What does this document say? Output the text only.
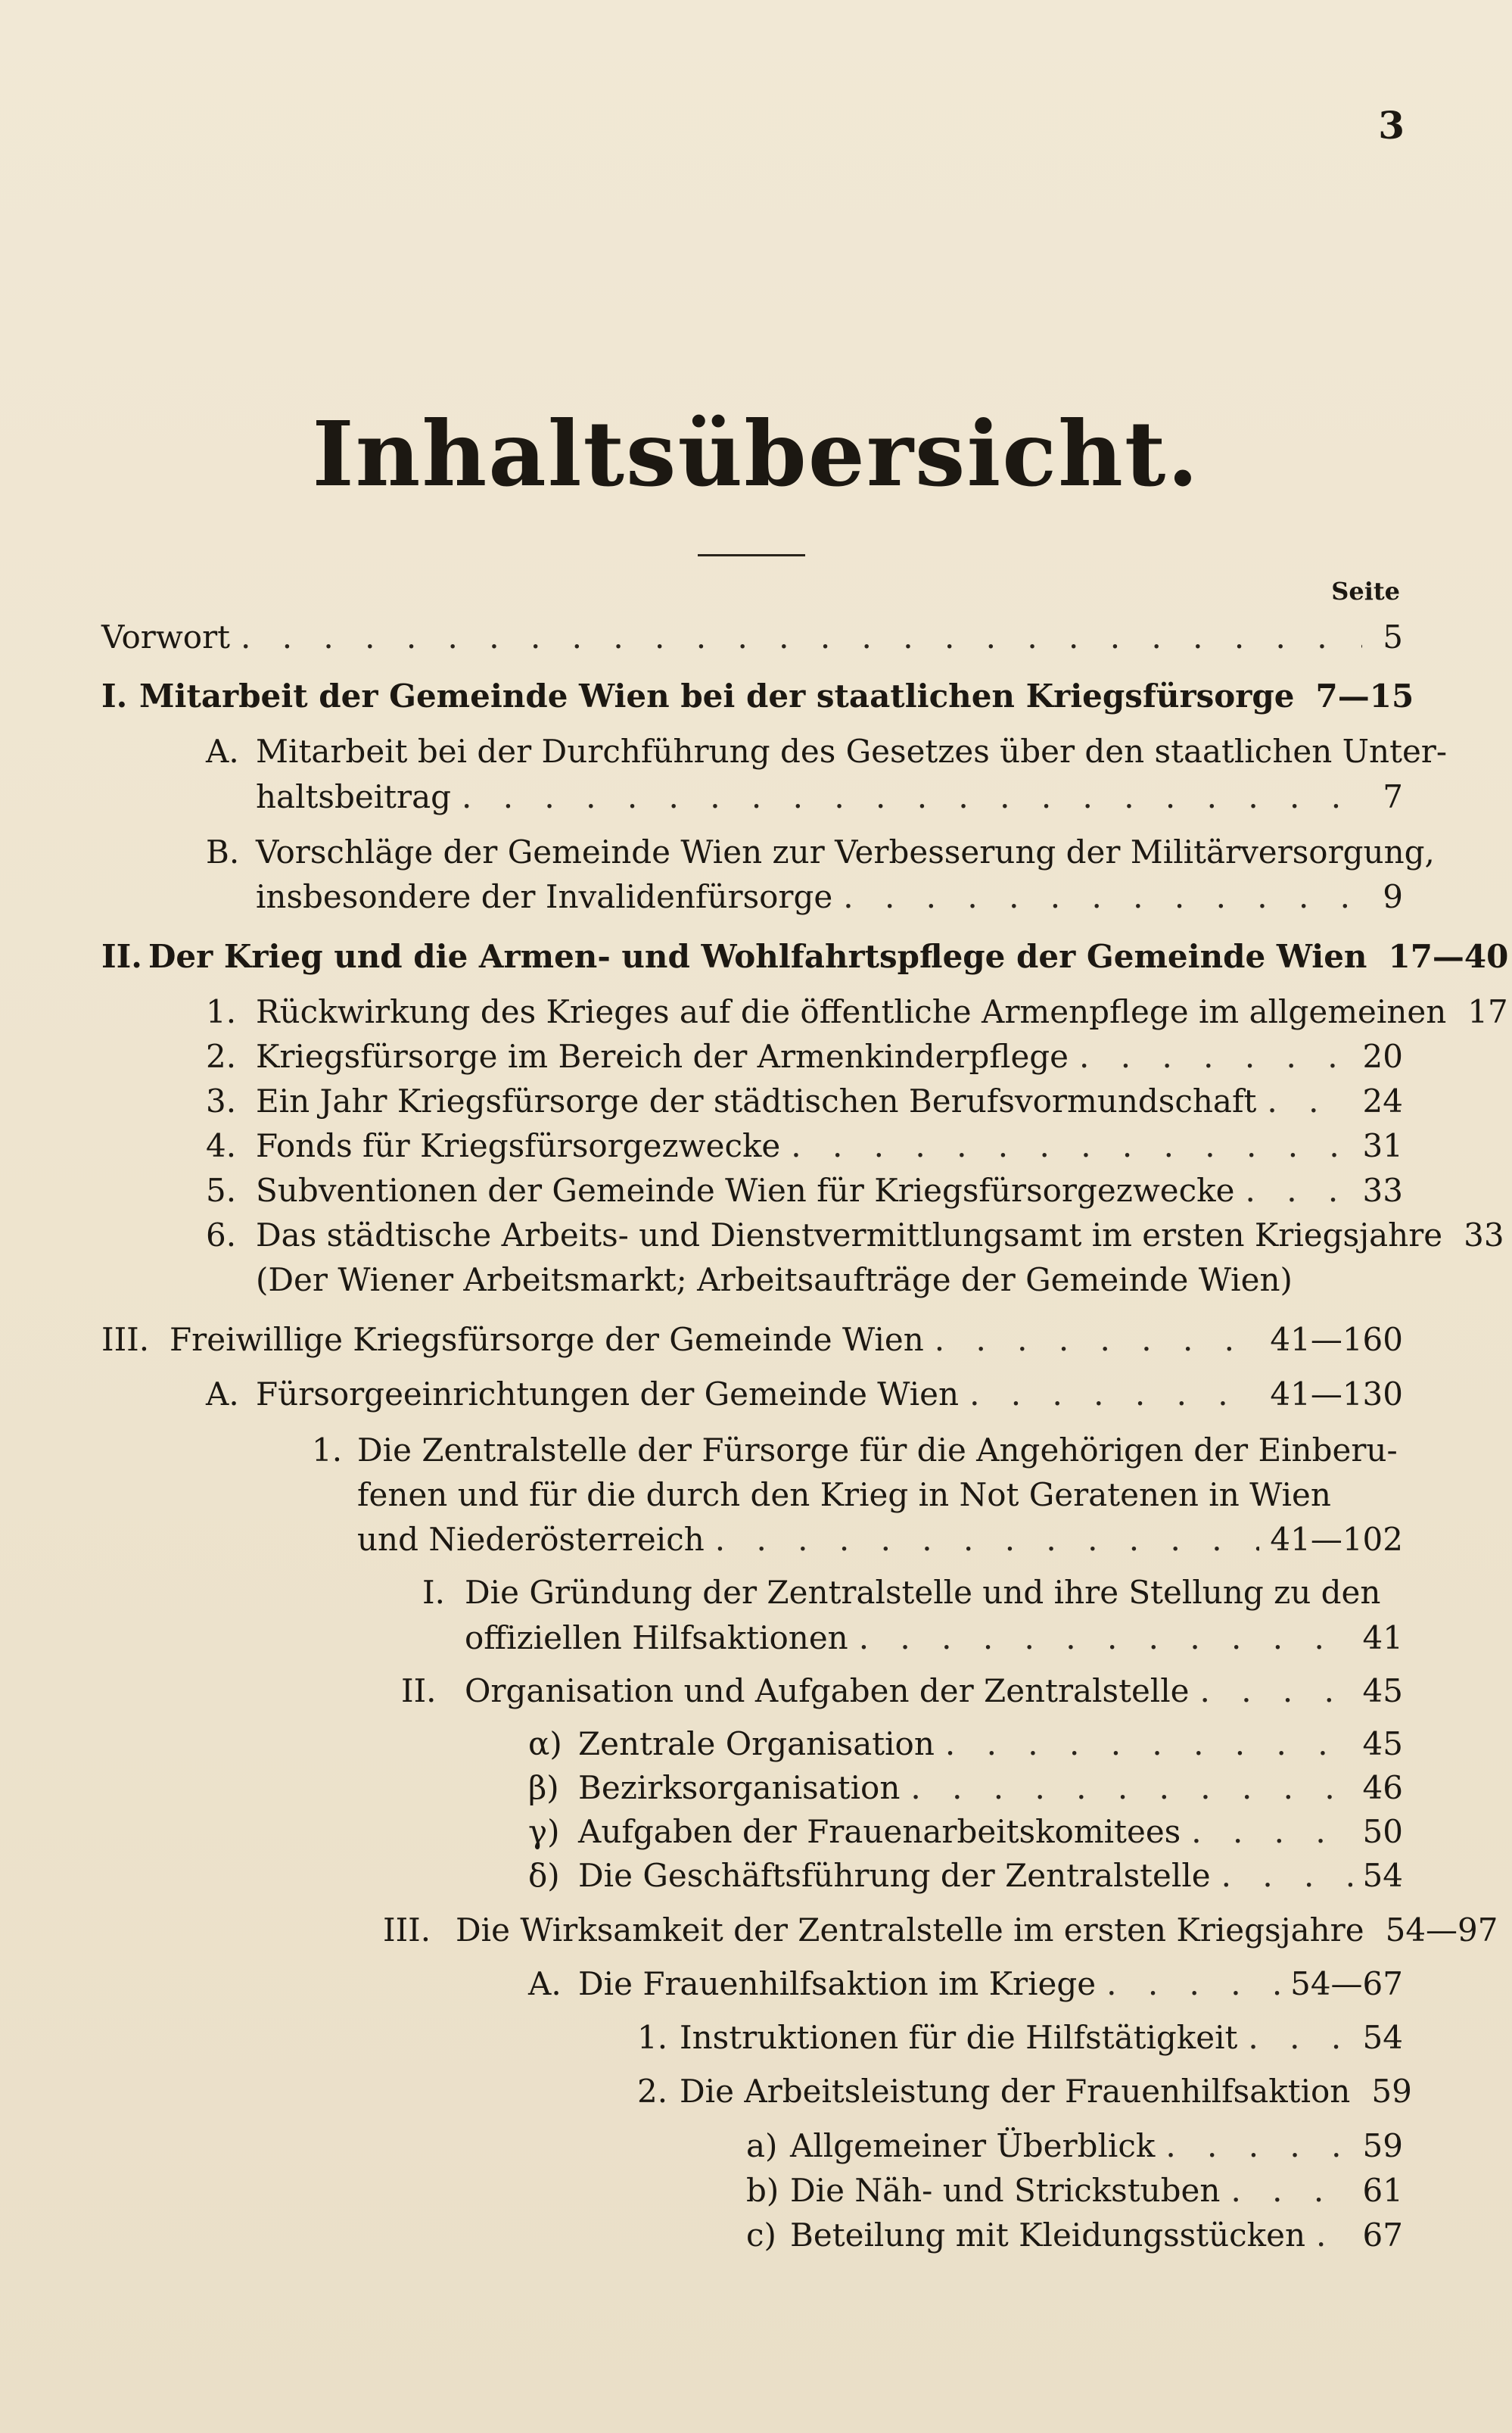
3
Inhaltsübersicht.
Seite
Vorwort . . .	5
I. Mitarbeit der Gemeinde Wien bei der staatlichen Kriegsfürsorge 7—15
A. Mitarbeit bei der Durchführung des Gesetzes über den staatlichen Unter-
haltsbeitrag . . .	7
B. Vorschläge der Gemeinde Wien zur Verbesserung der Militärversorgung,
insbesondere der Invalidenfürsorge . . .	9
II. Der Krieg und die Armen- und Wohlfahrtspflege der Gemeinde Wien 17—40
1. Rückwirkung des Krieges auf die öffentliche Armenpflege im allgemeinen 17
2. Kriegsfürsorge im Bereich der Armenkinderpflege . . .	20
3. Ein Jahr Kriegsfürsorge der städtischen Berufsvormundschaft . . .	24
4. Fonds für Kriegsfürsorgezwecke . . .	31
5. Subventionen der Gemeinde Wien für Kriegsfürsorgezwecke . . .	33
6. Das städtische Arbeits- und Dienstvermittlungsamt im ersten Kriegsjahre 33
(Der Wiener Arbeitsmarkt; Arbeitsaufträge der Gemeinde Wien)
III. Freiwillige Kriegsfürsorge der Gemeinde Wien . . .	41—160
A. Fürsorgeeinrichtungen der Gemeinde Wien . . .	41—130
1. Die Zentralstelle der Fürsorge für die Angehörigen der Einberu-
fenen und für die durch den Krieg in Not Geratenen in Wien
und Niederösterreich . . .	41—102
I. Die Gründung der Zentralstelle und ihre Stellung zu den
offiziellen Hilfsaktionen . . .	41
II. Organisation und Aufgaben der Zentralstelle . . .	45
α) Zentrale Organisation . . .	45
β) Bezirksorganisation . . .	46
γ) Aufgaben der Frauenarbeitskomitees . . .	50
δ) Die Geschäftsführung der Zentralstelle . . .	54
III. Die Wirksamkeit der Zentralstelle im ersten Kriegsjahre 54—97
A. Die Frauenhilfsaktion im Kriege . . .	54—67
1. Instruktionen für die Hilfstätigkeit . . .	54
2. Die Arbeitsleistung der Frauenhilfsaktion 59
a) Allgemeiner Überblick . . .	59
b) Die Näh- und Strickstuben . . .	61
c) Beteilung mit Kleidungsstücken . . . 67
